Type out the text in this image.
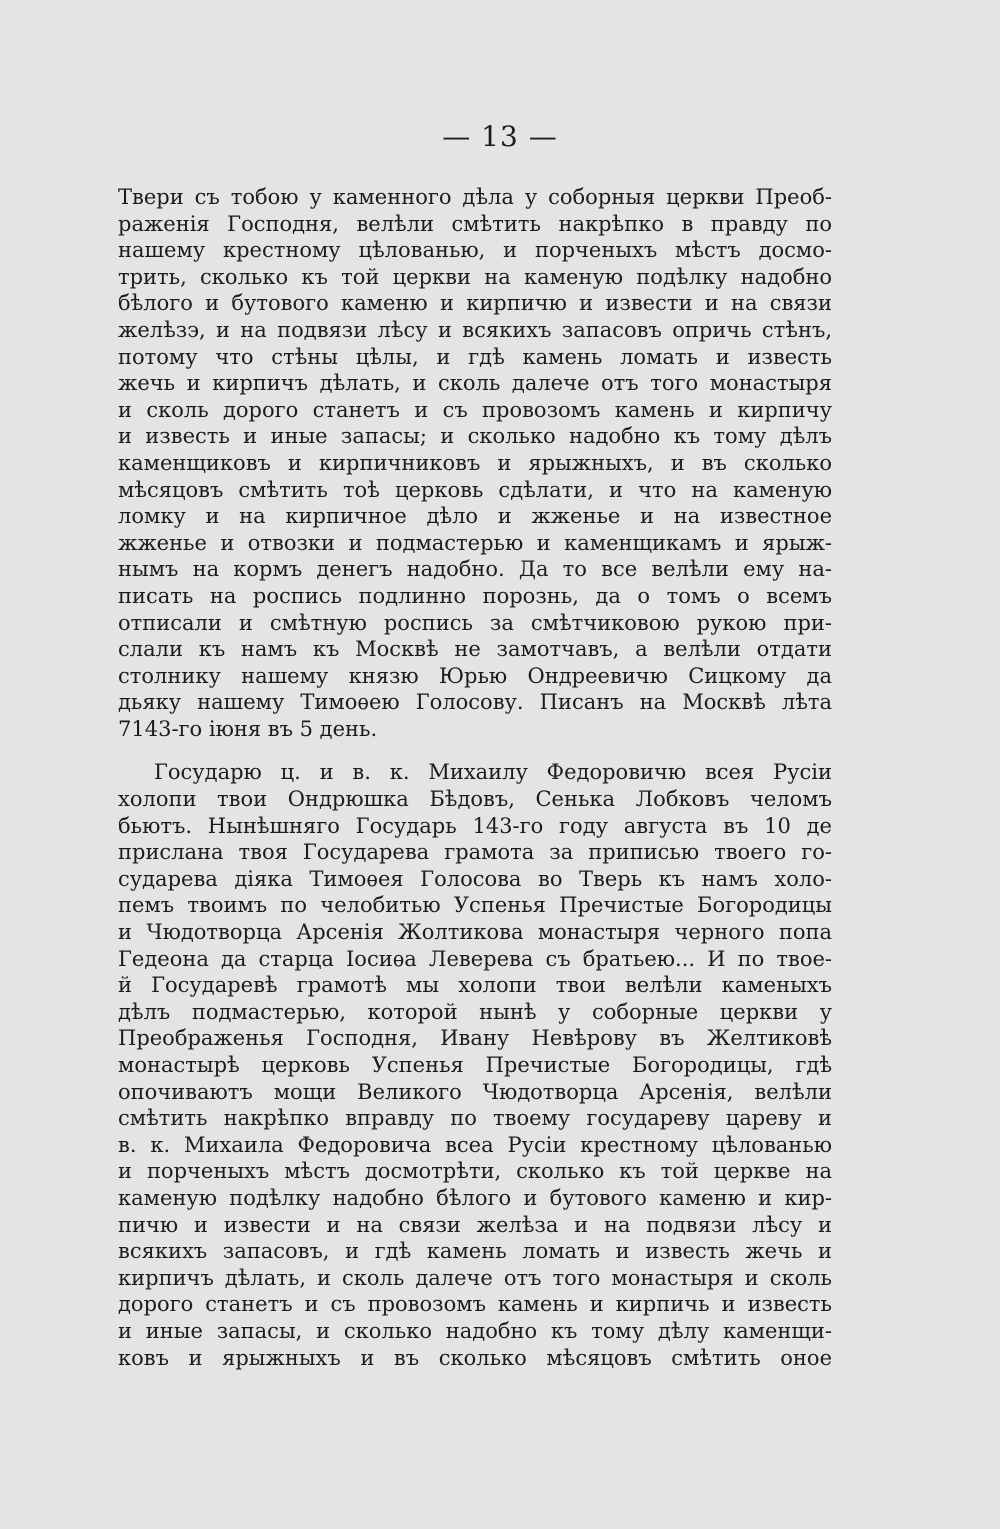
— 13 —
Твери съ тобою у каменного дѣла у соборныя церкви Преоб-
раженія Господня, велѣли смѣтить накрѣпко в правду по
нашему крестному цѣлованью, и порченыхъ мѣстъ досмо-
трить, сколько къ той церкви на каменую подѣлку надобно
бѣлого и бутового каменю и кирпичю и извести и на связи
желѣзэ, и на подвязи лѣсу и всякихъ запасовъ опричь стѣнъ,
потому что стѣны цѣлы, и гдѣ камень ломать и известь
жечь и кирпичъ дѣлать, и сколь далече отъ того монастыря
и сколь дорого станетъ и съ провозомъ камень и кирпичу
и известь и иные запасы; и сколько надобно къ тому дѣлъ
каменщиковъ и кирпичниковъ и ярыжныхъ, и въ сколько
мѣсяцовъ смѣтить тоѣ церковь сдѣлати, и что на каменую
ломку и на кирпичное дѣло и жженье и на известное
жженье и отвозки и подмастерью и каменщикамъ и ярыж-
нымъ на кормъ денегъ надобно. Да то все велѣли ему на-
писать на роспись подлинно порознь, да о томъ о всемъ
отписали и смѣтную роспись за смѣтчиковою рукою при-
слали къ намъ къ Москвѣ не замотчавъ, а велѣли отдати
столнику нашему князю Юрью Ондреевичю Сицкому да
дьяку нашему Тимоѳею Голосову. Писанъ на Москвѣ лѣта
7143-го іюня въ 5 день.
Государю ц. и в. к. Михаилу Федоровичю всея Русіи
холопи твои Ондрюшка Бѣдовъ, Сенька Лобковъ челомъ
бьютъ. Нынѣшняго Государь 143-го году августа въ 10 де
прислана твоя Государева грамота за приписью твоего го-
сударева діяка Тимоѳея Голосова во Тверь къ намъ холо-
пемъ твоимъ по челобитью Успенья Пречистые Богородицы
и Чюдотворца Арсенія Жолтикова монастыря черного попа
Гедеона да старца Іосиѳа Леверева съ братьею... И по твое-
й Государевѣ грамотѣ мы холопи твои велѣли каменыхъ
дѣлъ подмастерью, которой нынѣ у соборные церкви у
Преображенья Господня, Ивану Невѣрову въ Желтиковѣ
монастырѣ церковь Успенья Пречистые Богородицы, гдѣ
опочиваютъ мощи Великого Чюдотворца Арсенія, велѣли
смѣтить накрѣпко вправду по твоему государеву цареву и
в. к. Михаила Федоровича всеа Русіи крестному цѣлованью
и порченыхъ мѣстъ досмотрѣти, сколько къ той церкве на
каменую подѣлку надобно бѣлого и бутового каменю и кир-
пичю и извести и на связи желѣза и на подвязи лѣсу и
всякихъ запасовъ, и гдѣ камень ломать и известь жечь и
кирпичъ дѣлать, и сколь далече отъ того монастыря и сколь
дорого станетъ и съ провозомъ камень и кирпичь и известь
и иные запасы, и сколько надобно къ тому дѣлу каменщи-
ковъ и ярыжныхъ и въ сколько мѣсяцовъ смѣтить оное
